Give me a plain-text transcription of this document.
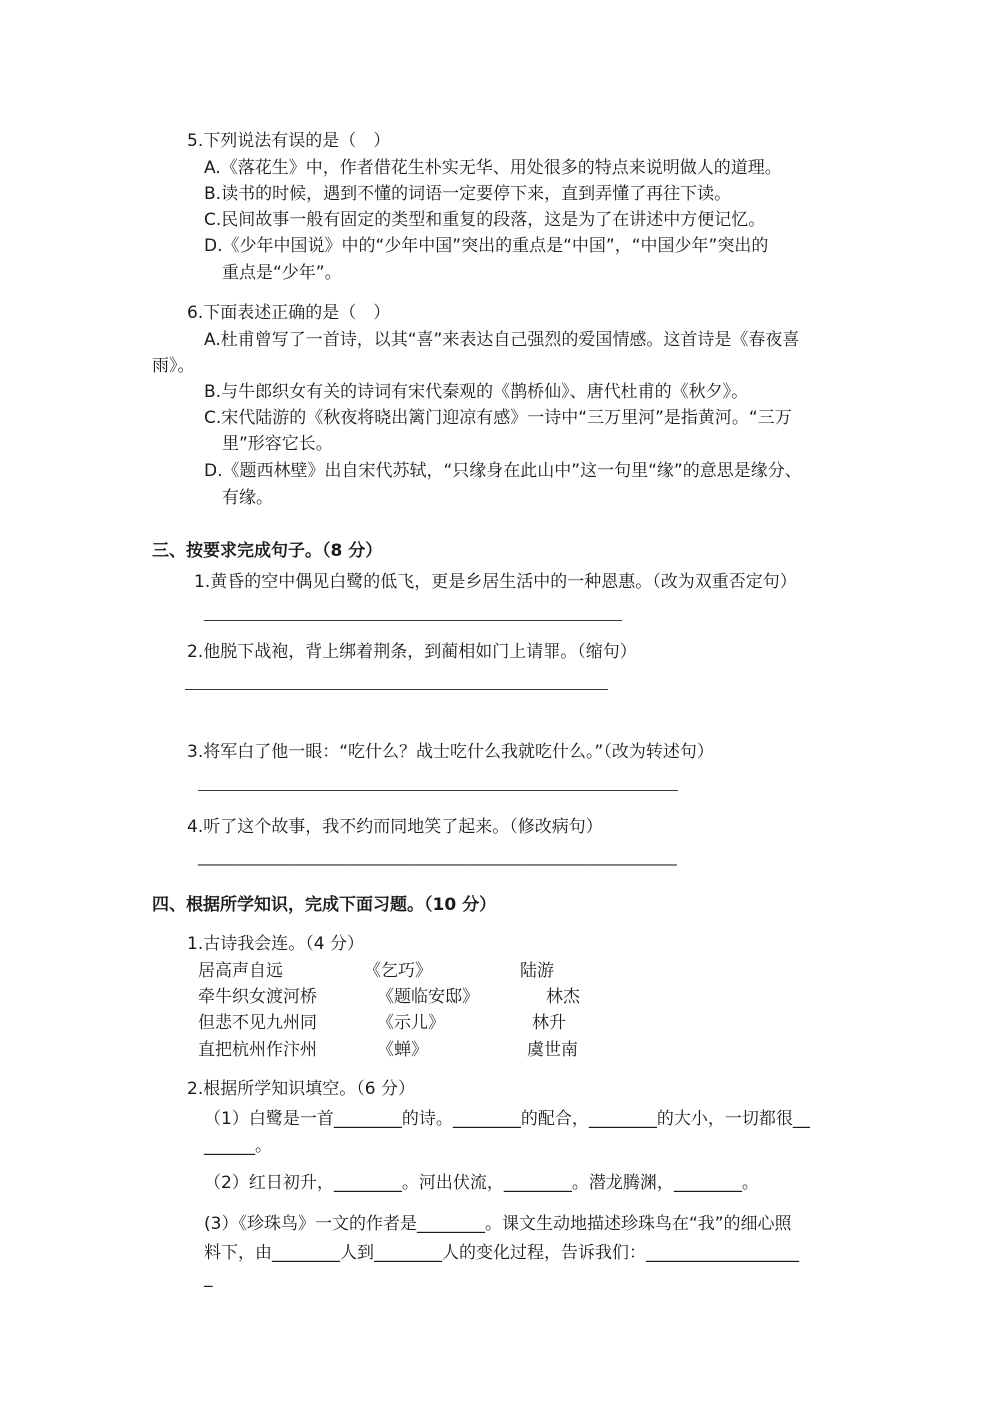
5.下列说法有误的是（　）
A.《落花生》中，作者借花生朴实无华、用处很多的特点来说明做人的道理。
B.读书的时候，遇到不懂的词语一定要停下来，直到弄懂了再往下读。
C.民间故事一般有固定的类型和重复的段落，这是为了在讲述中方便记忆。
D.《少年中国说》中的“少年中国”突出的重点是“中国”，“中国少年”突出的
重点是“少年”。
6.下面表述正确的是（　）
A.杜甫曾写了一首诗，以其“喜”来表达自己强烈的爱国情感。这首诗是《春夜喜
雨》。
B.与牛郎织女有关的诗词有宋代秦观的《鹊桥仙》、唐代杜甫的《秋夕》。
C.宋代陆游的《秋夜将晓出篱门迎凉有感》一诗中“三万里河”是指黄河。“三万
里”形容它长。
D.《题西林壁》出自宋代苏轼，“只缘身在此山中”这一句里“缘”的意思是缘分、
有缘。
三、按要求完成句子。（8 分）
1.黄昏的空中偶见白鹭的低飞，更是乡居生活中的一种恩惠。（改为双重否定句）
2.他脱下战袍，背上绑着荆条，到蔺相如门上请罪。（缩句）
3.将军白了他一眼：“吃什么？战士吃什么我就吃什么。”（改为转述句）
4.听了这个故事，我不约而同地笑了起来。（修改病句）
___________________________________________________________________
四、根据所学知识，完成下面习题。（10 分）
1.古诗我会连。（4 分）
居高声自远
牵牛织女渡河桥
但悲不见九州同
直把杭州作汴州
《乞巧》
《题临安邸》
《示儿》
《蝉》
陆游
林杰
林升
虞世南
2.根据所学知识填空。（6 分）
（1）白鹭是一首________的诗。________的配合，________的大小，一切都很__
______。
（2）红日初升，________。河出伏流，________。潜龙腾渊，________。
(3）《珍珠鸟》一文的作者是________。课文生动地描述珍珠鸟在“我”的细心照
料下，由________人到________人的变化过程，告诉我们：__________________
_
